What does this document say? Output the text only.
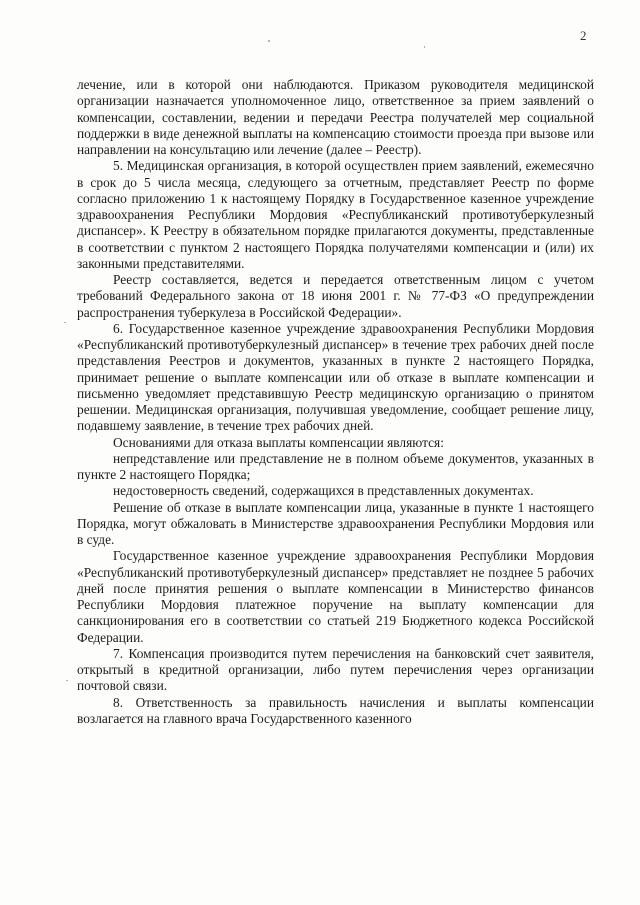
2

лечение, или в которой они наблюдаются. Приказом руководителя медицинской организации назначается уполномоченное лицо, ответственное за прием заявлений о компенсации, составлении, ведении и передачи Реестра получателей мер социальной поддержки в виде денежной выплаты на компенсацию стоимости проезда при вызове или направлении на консультацию или лечение (далее – Реестр).

5. Медицинская организация, в которой осуществлен прием заявлений, ежемесячно в срок до 5 числа месяца, следующего за отчетным, представляет Реестр по форме согласно приложению 1 к настоящему Порядку в Государственное казенное учреждение здравоохранения Республики Мордовия «Республиканский противотуберкулезный диспансер». К Реестру в обязательном порядке прилагаются документы, представленные в соответствии с пунктом 2 настоящего Порядка получателями компенсации и (или) их законными представителями.

Реестр составляется, ведется и передается ответственным лицом с учетом требований Федерального закона от 18 июня 2001 г. № 77-ФЗ «О предупреждении распространения туберкулеза в Российской Федерации».

6. Государственное казенное учреждение здравоохранения Республики Мордовия «Республиканский противотуберкулезный диспансер» в течение трех рабочих дней после представления Реестров и документов, указанных в пункте 2 настоящего Порядка, принимает решение о выплате компенсации или об отказе в выплате компенсации и письменно уведомляет представившую Реестр медицинскую организацию о принятом решении. Медицинская организация, получившая уведомление, сообщает решение лицу, подавшему заявление, в течение трех рабочих дней.

Основаниями для отказа выплаты компенсации являются:

непредставление или представление не в полном объеме документов, указанных в пункте 2 настоящего Порядка;

недостоверность сведений, содержащихся в представленных документах.

Решение об отказе в выплате компенсации лица, указанные в пункте 1 настоящего Порядка, могут обжаловать в Министерстве здравоохранения Республики Мордовия или в суде.

Государственное казенное учреждение здравоохранения Республики Мордовия «Республиканский противотуберкулезный диспансер» представляет не позднее 5 рабочих дней после принятия решения о выплате компенсации в Министерство финансов Республики Мордовия платежное поручение на выплату компенсации для санкционирования его в соответствии со статьей 219 Бюджетного кодекса Российской Федерации.

7. Компенсация производится путем перечисления на банковский счет заявителя, открытый в кредитной организации, либо путем перечисления через организации почтовой связи.

8. Ответственность за правильность начисления и выплаты компенсации возлагается на главного врача Государственного казенного
